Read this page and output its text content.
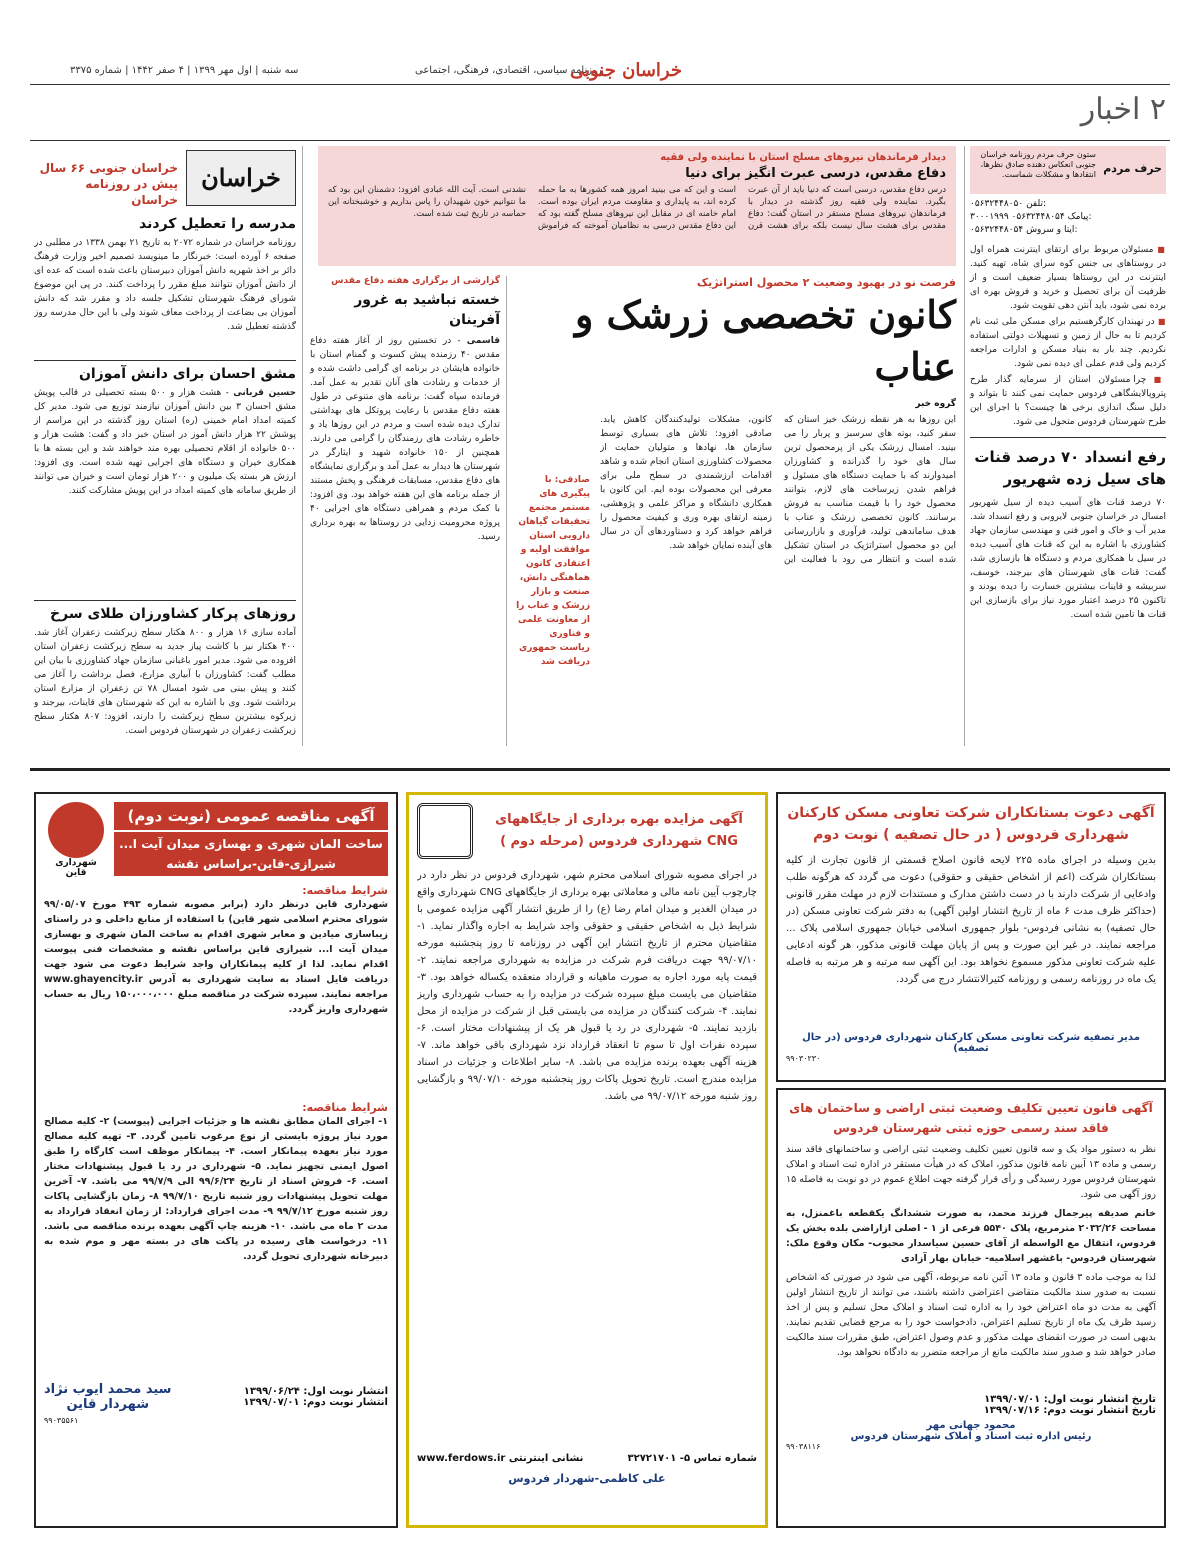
سه شنبه | اول مهر ۱۳۹۹ | ۴ صفر ۱۴۴۲ | شماره ۳۳۷۵	روزنامه سیاسی، اقتصادی، فرهنگی، اجتماعی
خراسان جنوبی
۲ اخبار
حرف مردم
ستون حرف مردم روزنامه خراسان جنوبی انعکاس دهنده صادق نظرها، انتقادها و مشکلات شماست.
۰۵۶۳۲۴۴۸۰۵۰ تلفن:
۳۰۰۰۱۹۹۹ ۰۵۶۳۲۴۴۸۰۵۴ پیامک:
۰۵۶۳۲۴۴۸۰۵۴ ایتا و سروش:

■ مسئولان مربوط برای ارتقای اینترنت همراه اول در روستاهای بی جنس کوه سرای شاه، تهیه کنید. اینترنت در این روستاها بسیار ضعیف است و از ظرفیت آن برای تحصیل و خرید و فروش بهره ای برده نمی شود، باید آنتن دهی تقویت شود.

■ در نهبندان کارگرهستیم برای مسکن ملی ثبت نام کردیم تا به حال از زمین و تسهیلات دولتی استفاده نکردیم. چند بار به بنیاد مسکن و ادارات مراجعه کردیم ولی قدم عملی ای دیده نمی شود.

■ چرا مسئولان استان از سرمایه گذار طرح پتروپالایشگاهی فردوس حمایت نمی کنند تا بتواند و دلیل سنگ اندازی برخی ها چیست؟ با اجرای این طرح شهرستان فردوس متحول می شود.

رفع انسداد ۷۰ درصد قنات های سیل زده شهریور
۷۰ درصد قنات های آسیب دیده از سیل شهریور امسال در خراسان جنوبی لایروبی و رفع انسداد شد. مدیر آب و خاک و امور فنی و مهندسی سازمان جهاد کشاورزی با اشاره به این که قنات های آسیب دیده در سیل با همکاری مردم و دستگاه ها بازسازی شد، گفت: قنات های شهرستان های بیرجند، خوسف، سربیشه و قاینات بیشترین خسارت را دیده بودند و تاکنون ۲۵ درصد اعتبار مورد نیاز برای بازسازی این قنات ها تامین شده است.
دیدار فرماندهان نیروهای مسلح استان با نماینده ولی فقیه
دفاع مقدس، درسی عبرت انگیز برای دنیا
درس دفاع مقدس، درسی است که دنیا باید از آن عبرت بگیرد. نماینده ولی فقیه روز گذشته در دیدار با فرماندهان نیروهای مسلح مستقر در استان گفت: دفاع مقدس برای هشت سال نیست بلکه برای هشت قرن است و این که می بینید امروز همه کشورها به ما حمله کرده اند، به پایداری و مقاومت مردم ایران بوده است. امام خامنه ای در مقابل این نیروهای مسلح گفته بود که این دفاع مقدس درسی به نظامیان آموخته که فراموش نشدنی است. آیت الله عبادی افزود: دشمنان این بود که ما نتوانیم خون شهیدان را پاس بداریم و خوشبختانه این حماسه در تاریخ ثبت شده است.
فرصت نو در بهبود وضعیت ۲ محصول استراتژیک
کانون تخصصی زرشک و عناب
گروه خبر
این روزها به هر نقطه زرشک خیز استان که سفر کنید، بوته های سرسبز و پربار را می بینید. امسال زرشک یکی از پرمحصول ترین سال های خود را گذرانده و کشاورزان امیدوارند که با حمایت دستگاه های مسئول و فراهم شدن زیرساخت های لازم، بتوانند محصول خود را با قیمت مناسب به فروش برسانند. کانون تخصصی زرشک و عناب با هدف ساماندهی تولید، فرآوری و بازاررسانی این دو محصول استراتژیک در استان تشکیل شده است و انتظار می رود با فعالیت این کانون، مشکلات تولیدکنندگان کاهش یابد. صادقی افزود: تلاش های بسیاری توسط سازمان ها، نهادها و متولیان حمایت از محصولات کشاورزی استان انجام شده و شاهد اقدامات ارزشمندی در سطح ملی برای معرفی این محصولات بوده ایم. این کانون با همکاری دانشگاه و مراکز علمی و پژوهشی، زمینه ارتقای بهره وری و کیفیت محصول را فراهم خواهد کرد و دستاوردهای آن در سال های آینده نمایان خواهد شد.
صادقی: با پیگیری های مستمر مجتمع تحقیقات گیاهان دارویی استان موافقت اولیه و اعتقادی کانون هماهنگی دانش، صنعت و بازار زرشک و عناب را از معاونت علمی و فناوری ریاست جمهوری دریافت شد
گزارشی از برگزاری هفته دفاع مقدس
خسته نباشید به غرور آفرینان
قاسمی - در تخستین روز از آغاز هفته دفاع مقدس ۴۰ رزمنده پیش کسوت و گمنام استان با خانواده هایشان در برنامه ای گرامی داشت شده و از خدمات و رشادت های آنان تقدیر به عمل آمد. فرمانده سپاه گفت: برنامه های متنوعی در طول هفته دفاع مقدس با رعایت پروتکل های بهداشتی تدارک دیده شده است و مردم در این روزها یاد و خاطره رشادت های رزمندگان را گرامی می دارند. همچنین از ۱۵۰ خانواده شهید و ایثارگر در شهرستان ها دیدار به عمل آمد و برگزاری نمایشگاه های دفاع مقدس، مسابقات فرهنگی و پخش مستند از جمله برنامه های این هفته خواهد بود. وی افزود: با کمک مردم و همراهی دستگاه های اجرایی ۴۰ پروژه محرومیت زدایی در روستاها به بهره برداری رسید.
خراسان
خراسان جنوبی ۶۶ سال پیش در روزنامه خراسان
مدرسه را تعطیل کردند
روزنامه خراسان در شماره ۲۰۷۲ به تاریخ ۲۱ بهمن ۱۳۳۸ در مطلبی در صفحه ۶ آورده است: خبرنگار ما مینویسد تصمیم اخیر وزارت فرهنگ دائر بر اخذ شهریه دانش آموزان دبیرستان باعث شده است که عده ای از دانش آموزان نتوانند مبلغ مقرر را پرداخت کنند. در پی این موضوع شورای فرهنگ شهرستان تشکیل جلسه داد و مقرر شد که دانش آموزان بی بضاعت از پرداخت معاف شوند ولی با این حال مدرسه روز گذشته تعطیل شد.
مشق احسان برای دانش آموزان
حسین قربانی - هشت هزار و ۵۰۰ بسته تحصیلی در قالب پویش مشق احسان ۳ بین دانش آموزان نیازمند توزیع می شود. مدیر کل کمیته امداد امام خمینی (ره) استان روز گذشته در این مراسم از پوشش ۲۲ هزار دانش آموز در استان خبر داد و گفت: هشت هزار و ۵۰۰ خانواده از اقلام تحصیلی بهره مند خواهند شد و این بسته ها با همکاری خیران و دستگاه های اجرایی تهیه شده است. وی افزود: ارزش هر بسته یک میلیون و ۲۰۰ هزار تومان است و خیران می توانند از طریق سامانه های کمیته امداد در این پویش مشارکت کنند.
روزهای پرکار کشاورزان طلای سرخ
آماده سازی ۱۶ هزار و ۸۰۰ هکتار سطح زیرکشت زعفران آغاز شد. ۴۰۰ هکتار نیز با کاشت پیاز جدید به سطح زیرکشت زعفران استان افزوده می شود. مدیر امور باغبانی سازمان جهاد کشاورزی با بیان این مطلب گفت: کشاورزان با آبیاری مزارع، فصل برداشت را آغاز می کنند و پیش بینی می شود امسال ۷۸ تن زعفران از مزارع استان برداشت شود. وی با اشاره به این که شهرستان های قاینات، بیرجند و زیرکوه بیشترین سطح زیرکشت را دارند، افزود: ۸۰۷ هکتار سطح زیرکشت زعفران در شهرستان فردوس است.
آگهی دعوت بستانکاران شرکت تعاونی مسکن کارکنان شهرداری فردوس ( در حال تصفیه ) نوبت دوم
بدین وسیله در اجرای ماده ۲۲۵ لایحه قانون اصلاح قسمتی از قانون تجارت از کلیه بستانکاران شرکت (اعم از اشخاص حقیقی و حقوقی) دعوت می گردد که هرگونه طلب وادعایی از شرکت دارند با در دست داشتن مدارک و مستندات لازم در مهلت مقرر قانونی (حداکثر ظرف مدت ۶ ماه از تاریخ انتشار اولین آگهی) به دفتر شرکت تعاونی مسکن (در حال تصفیه) به نشانی فردوس- بلوار جمهوری اسلامی خیابان جمهوری اسلامی پلاک ... مراجعه نمایند. در غیر این صورت و پس از پایان مهلت قانونی مذکور، هر گونه ادعایی علیه شرکت تعاونی مذکور مسموع نخواهد بود. این آگهی سه مرتبه و هر مرتبه به فاصله یک ماه در روزنامه رسمی و روزنامه کثیرالانتشار درج می گردد.
مدیر تصفیه شرکت تعاونی مسکن کارکنان شهرداری فردوس (در حال تصفیه)
۹۹۰۳۰۲۳۰
آگهی قانون تعیین تکلیف وضعیت ثبتی اراضی و ساختمان های فاقد سند رسمی حوزه ثبتی شهرستان فردوس
نظر به دستور مواد یک و سه قانون تعیین تکلیف وضعیت ثبتی اراضی و ساختمانهای فاقد سند رسمی و ماده ۱۳ آیین نامه قانون مذکور، املاک که در هیأت مستقر در اداره ثبت اسناد و املاک شهرستان فردوس مورد رسیدگی و رأی قرار گرفته جهت اطلاع عموم در دو نوبت به فاصله ۱۵ روز آگهی می شود.
خانم صدیقه پیرجمال فرزند محمد، به صورت ششدانگ یکقطعه باغمنزل، به مساحت ۲۰۳۲/۲۶ مترمربع، پلاک ۵۵۴۰ فرعی از ۱ - اصلی ازاراضی بلده بخش یک فردوس، انتقال مع الواسطه از آقای حسین سیاسدار محبوب- مکان وقوع ملک: شهرستان فردوس- باغشهر اسلامیه- خیابان بهار آزادی
لذا به موجب ماده ۳ قانون و ماده ۱۳ آئین نامه مربوطه، آگهی می شود در صورتی که اشخاص نسبت به صدور سند مالکیت متقاضی اعتراضی داشته باشند، می توانند از تاریخ انتشار اولین آگهی به مدت دو ماه اعتراض خود را به اداره ثبت اسناد و املاک محل تسلیم و پس از اخذ رسید ظرف یک ماه از تاریخ تسلیم اعتراض، دادخواست خود را به مرجع قضایی تقدیم نمایند. بدیهی است در صورت انقضای مهلت مذکور و عدم وصول اعتراض، طبق مقررات سند مالکیت صادر خواهد شد و صدور سند مالکیت مانع از مراجعه متضرر به دادگاه نخواهد بود.
تاریخ انتشار نوبت اول: ۱۳۹۹/۰۷/۰۱
تاریخ انتشار نوبت دوم: ۱۳۹۹/۰۷/۱۶
محمود جهانی مهر
رئیس اداره ثبت اسناد و املاک شهرستان فردوس
۹۹۰۳۸۱۱۶
آگهی مزایده بهره برداری از جایگاههای CNG شهرداری فردوس (مرحله دوم )
در اجرای مصوبه شورای اسلامی محترم شهر، شهرداری فردوس در نظر دارد در چارچوب آیین نامه مالی و معاملاتی بهره برداری از جایگاههای CNG شهرداری واقع در میدان الغدیر و میدان امام رضا (ع) را از طریق انتشار آگهی مزایده عمومی با شرایط ذیل به اشخاص حقیقی و حقوقی واجد شرایط به اجاره واگذار نماید. ۱- متقاضیان محترم از تاریخ انتشار این آگهی در روزنامه تا روز پنجشنبه مورخه ۹۹/۰۷/۱۰ جهت دریافت فرم شرکت در مزایده به شهرداری مراجعه نمایند. ۲- قیمت پایه مورد اجاره به صورت ماهیانه و قرارداد منعقده یکساله خواهد بود. ۳- متقاضیان می بایست مبلغ سپرده شرکت در مزایده را به حساب شهرداری واریز نمایند. ۴- شرکت کنندگان در مزایده می بایستی قبل از شرکت در مزایده از محل بازدید نمایند. ۵- شهرداری در رد یا قبول هر یک از پیشنهادات مختار است. ۶- سپرده نفرات اول تا سوم تا انعقاد قرارداد نزد شهرداری باقی خواهد ماند. ۷- هزینه آگهی بعهده برنده مزایده می باشد. ۸- سایر اطلاعات و جزئیات در اسناد مزایده مندرج است. تاریخ تحویل پاکات روز پنجشنبه مورخه ۹۹/۰۷/۱۰ و بازگشایی روز شنبه مورخه ۹۹/۰۷/۱۲ می باشد.
شماره تماس ۵- ۳۲۷۲۱۷۰۱
نشانی اینترنتی www.ferdows.ir
علی کاظمی-شهردار فردوس
آگهی مناقصه عمومی (نوبت دوم)
ساخت المان شهری و بهسازی میدان آیت ا... شیرازی-قاین-براساس نقشه
شهرداری قاین
شرایط مناقصه:
شهرداری قاین درنظر دارد (برابر مصوبه شماره ۴۹۳ مورخ ۹۹/۰۵/۰۷ شورای محترم اسلامی شهر قاین) با استفاده از منابع داخلی و در راستای زیباسازی میادین و معابر شهری اقدام به ساخت المان شهری و بهسازی میدان آیت ا... شیرازی قاین براساس نقشه و مشخصات فنی پیوست اقدام نماید. لذا از کلیه پیمانکاران واجد شرایط دعوت می شود جهت دریافت فایل اسناد به سایت شهرداری به آدرس www.ghayencity.ir مراجعه نمایند. سپرده شرکت در مناقصه مبلغ ۱۵۰،۰۰۰،۰۰۰ ریال به حساب شهرداری واریز گردد.
شرایط مناقصه:
۱- اجرای المان مطابق نقشه ها و جزئیات اجرایی (پیوست) ۲- کلیه مصالح مورد نیاز پروژه بایستی از نوع مرغوب تامین گردد. ۳- تهیه کلیه مصالح مورد نیاز بعهده پیمانکار است. ۴- پیمانکار موظف است کارگاه را طبق اصول ایمنی تجهیز نماید. ۵- شهرداری در رد یا قبول پیشنهادات مختار است. ۶- فروش اسناد از تاریخ ۹۹/۶/۲۴ الی ۹۹/۷/۹ می باشد. ۷- آخرین مهلت تحویل پیشنهادات روز شنبه تاریخ ۹۹/۷/۱۰ ۸- زمان بازگشایی پاکات روز شنبه مورخ ۹۹/۷/۱۲ ۹- مدت اجرای قرارداد: از زمان انعقاد قرارداد به مدت ۲ ماه می باشد. ۱۰- هزینه چاپ آگهی بعهده برنده مناقصه می باشد. ۱۱- درخواست های رسیده در پاکت های در بسته مهر و موم شده به دبیرخانه شهرداری تحویل گردد.
انتشار نوبت اول: ۱۳۹۹/۰۶/۲۴
انتشار نوبت دوم: ۱۳۹۹/۰۷/۰۱
سید محمد ایوب نژاد
شهردار قاین
۹۹۰۳۵۵۶۱
